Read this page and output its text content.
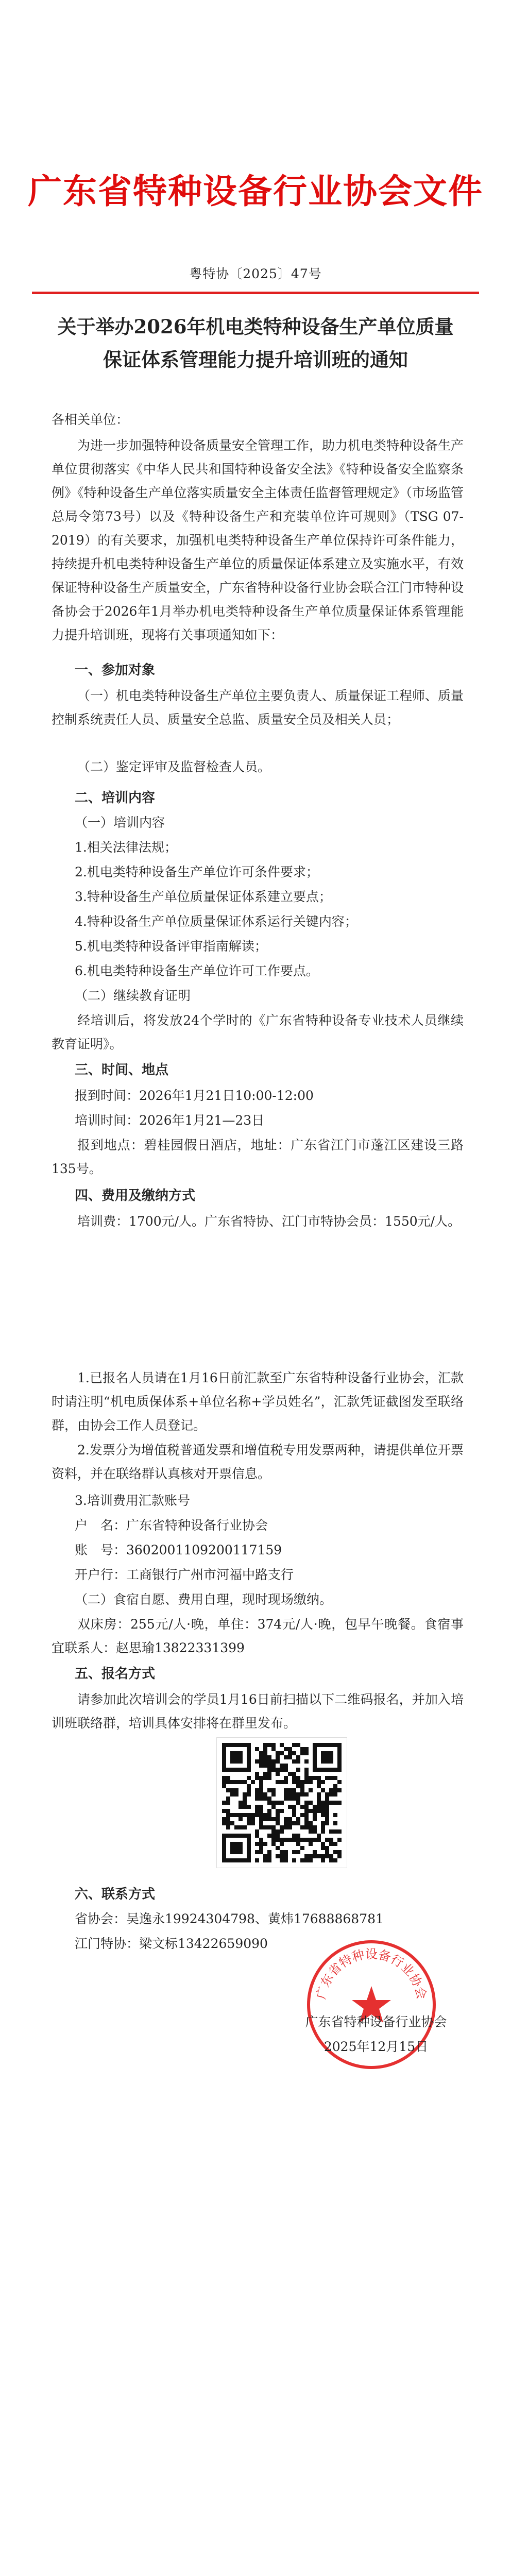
广东省特种设备行业协会文件
粤特协〔2025〕47号
关于举办2026年机电类特种设备生产单位质量
保证体系管理能力提升培训班的通知
各相关单位：
为进一步加强特种设备质量安全管理工作，助力机电类特种设备生产单位贯彻落实《中华人民共和国特种设备安全法》《特种设备安全监察条例》《特种设备生产单位落实质量安全主体责任监督管理规定》（市场监管总局令第73号）以及《特种设备生产和充装单位许可规则》（TSG 07-2019）的有关要求，加强机电类特种设备生产单位保持许可条件能力，持续提升机电类特种设备生产单位的质量保证体系建立及实施水平，有效保证特种设备生产质量安全，广东省特种设备行业协会联合江门市特种设备协会于2026年1月举办机电类特种设备生产单位质量保证体系管理能力提升培训班，现将有关事项通知如下：
一、参加对象
（一）机电类特种设备生产单位主要负责人、质量保证工程师、质量控制系统责任人员、质量安全总监、质量安全员及相关人员；
（二）鉴定评审及监督检查人员。
二、培训内容
（一）培训内容
1.相关法律法规；
2.机电类特种设备生产单位许可条件要求；
3.特种设备生产单位质量保证体系建立要点；
4.特种设备生产单位质量保证体系运行关键内容；
5.机电类特种设备评审指南解读；
6.机电类特种设备生产单位许可工作要点。
（二）继续教育证明
经培训后，将发放24个学时的《广东省特种设备专业技术人员继续教育证明》。
三、时间、地点
报到时间：2026年1月21日10:00-12:00
培训时间：2026年1月21—23日
报到地点：碧桂园假日酒店，地址：广东省江门市蓬江区建设三路135号。
四、费用及缴纳方式
培训费：1700元/人。广东省特协、江门市特协会员：1550元/人。
1.已报名人员请在1月16日前汇款至广东省特种设备行业协会，汇款时请注明“机电质保体系+单位名称+学员姓名”，汇款凭证截图发至联络群，由协会工作人员登记。
2.发票分为增值税普通发票和增值税专用发票两种，请提供单位开票资料，并在联络群认真核对开票信息。
3.培训费用汇款账号
户　名：广东省特种设备行业协会
账　号：3602001109200117159
开户行：工商银行广州市河福中路支行
（二）食宿自愿、费用自理，现时现场缴纳。
双床房：255元/人·晚，单住：374元/人·晚，包早午晚餐。食宿事宜联系人：赵思瑜13822331399
五、报名方式
请参加此次培训会的学员1月16日前扫描以下二维码报名，并加入培训班联络群，培训具体安排将在群里发布。
六、联系方式
省协会：吴逸永19924304798、黄炜17688868781
江门特协：梁文标13422659090
广东省特种设备行业协会
广东省特种设备行业协会
2025年12月15日
